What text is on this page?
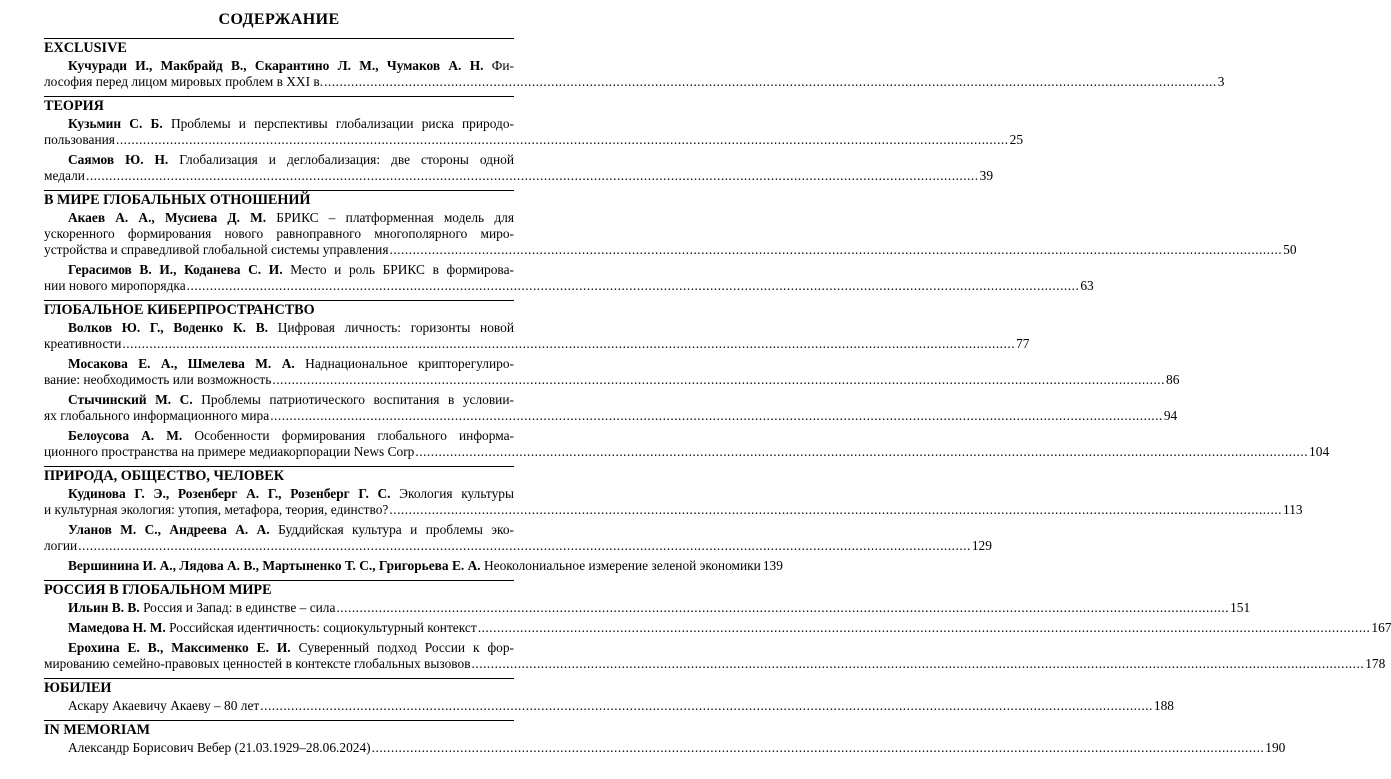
СОДЕРЖАНИЕ
EXCLUSIVE
Кучуради И., Макбрайд В., Скарантино Л. М., Чумаков А. Н. Фи-
лософия перед лицом мировых проблем в XXI в. .....	3
ТЕОРИЯ
Кузьмин С. Б. Проблемы и перспективы глобализации риска природо-
пользования .....	25
Саямов Ю. Н. Глобализация и деглобализация: две стороны одной
медали .....	39
В МИРЕ ГЛОБАЛЬНЫХ ОТНОШЕНИЙ
Акаев А. А., Мусиева Д. М. БРИКС – платформенная модель для
ускоренного формирования нового равноправного многополярного миро-
устройства и справедливой глобальной системы управления .....	50
Герасимов В. И., Коданева С. И. Место и роль БРИКС в формирова-
нии нового миропорядка .....	63
ГЛОБАЛЬНОЕ КИБЕРПРОСТРАНСТВО
Волков Ю. Г., Воденко К. В. Цифровая личность: горизонты новой
креативности .....	77
Мосакова Е. А., Шмелева М. А. Наднациональное крипторегулиро-
вание: необходимость или возможность .....	86
Стычинский М. С. Проблемы патриотического воспитания в условии-
ях глобального информационного мира .....	94
Белоусова А. М. Особенности формирования глобального информа-
ционного пространства на примере медиакорпорации News Corp .....	104
ПРИРОДА, ОБЩЕСТВО, ЧЕЛОВЕК
Кудинова Г. Э., Розенберг А. Г., Розенберг Г. С. Экология культуры
и культурная экология: утопия, метафора, теория, единство? .....	113
Уланов М. С., Андреева А. А. Буддийская культура и проблемы эко-
логии .....	129
Вершинина И. А., Лядова А. В., Мартыненко Т. С., Григорьева Е. А. Неоколониальное измерение зеленой экономики 139
РОССИЯ В ГЛОБАЛЬНОМ МИРЕ
Ильин В. В. Россия и Запад: в единстве – сила .....	151
Мамедова Н. М. Российская идентичность: социокультурный контекст .....	167
Ерохина Е. В., Максименко Е. И. Суверенный подход России к фор-
мированию семейно-правовых ценностей в контексте глобальных вызовов .....	178
ЮБИЛЕИ
Аскару Акаевичу Акаеву – 80 лет .....	188
IN MEMORIAM
Александр Борисович Вебер (21.03.1929–28.06.2024) .....	190
